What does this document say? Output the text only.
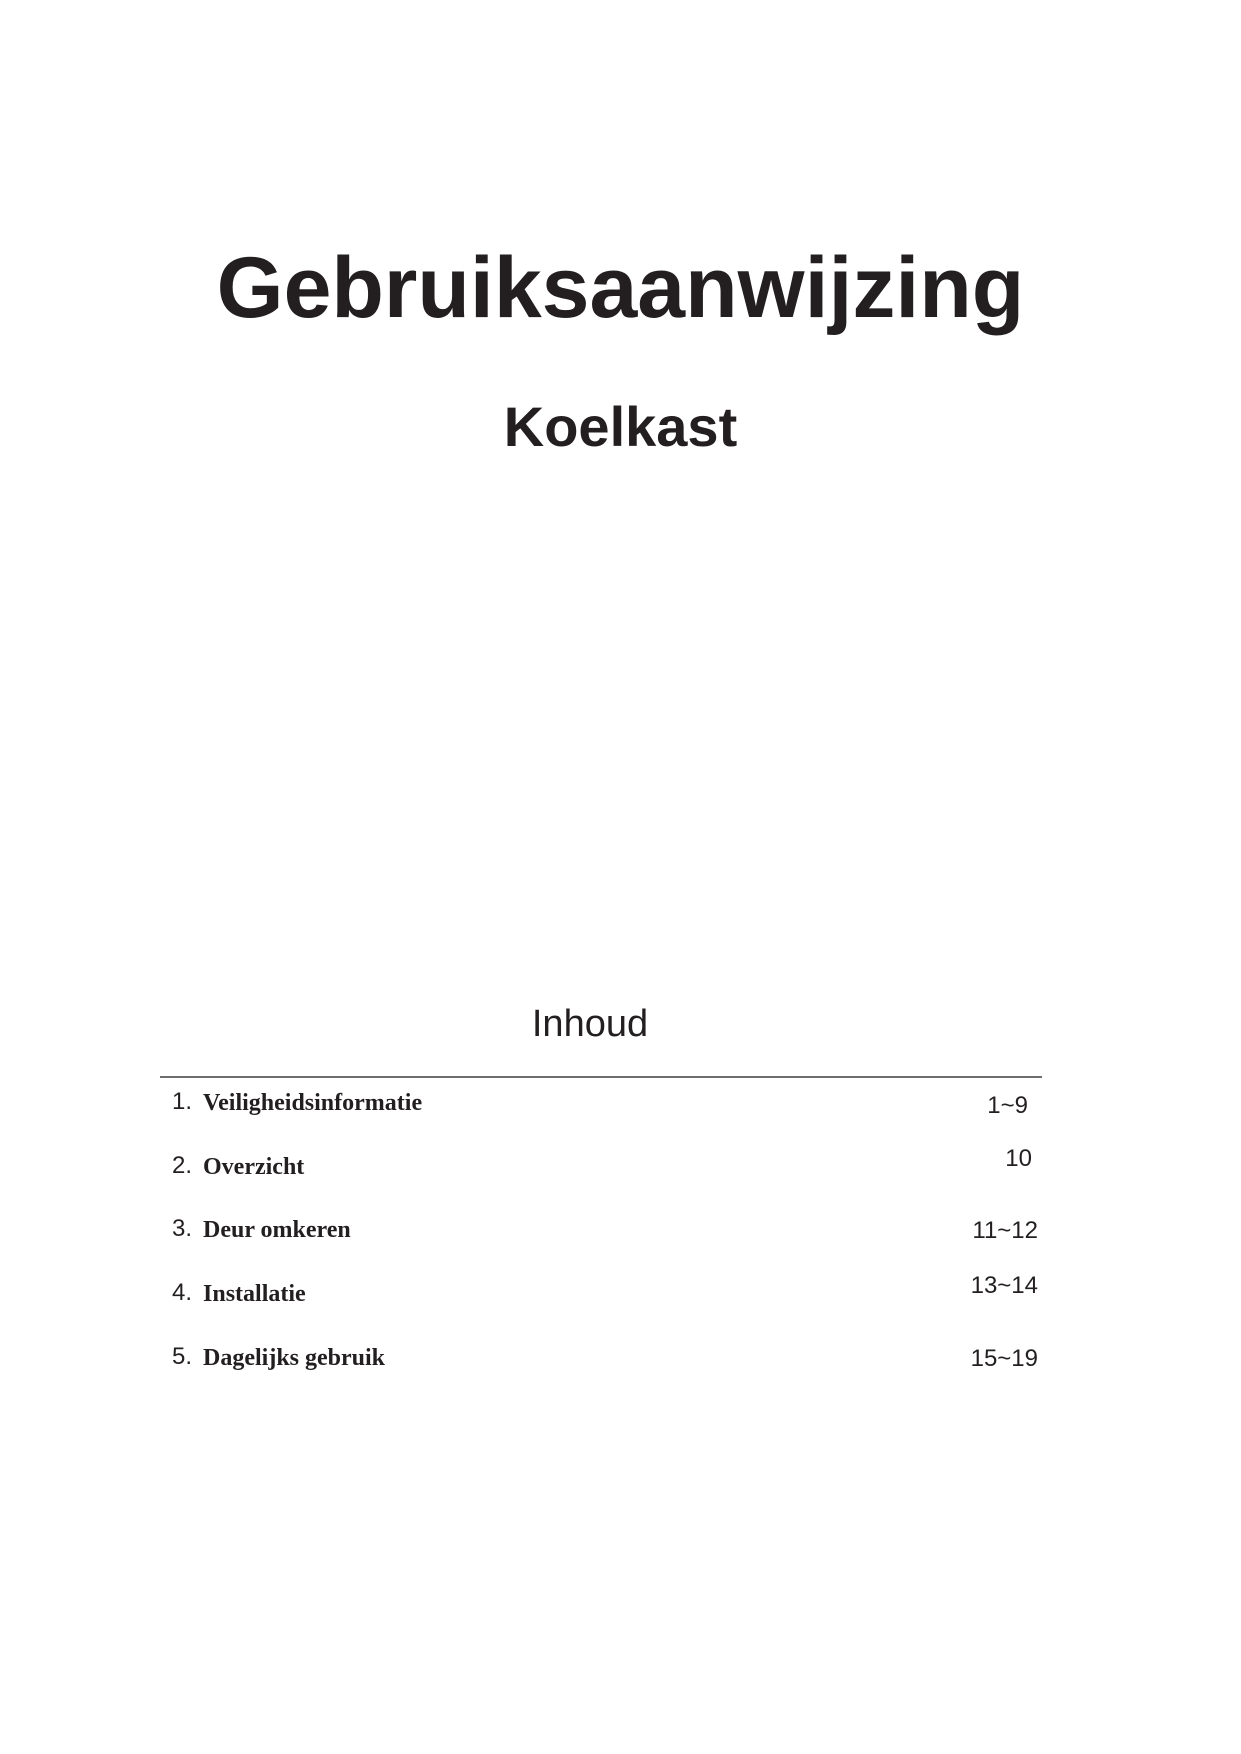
Gebruiksaanwijzing
Koelkast
Inhoud
1. Veiligheidsinformatie	1~9
2. Overzicht	10
3. Deur omkeren	11~12
4. Installatie	13~14
5. Dagelijks gebruik	15~19
